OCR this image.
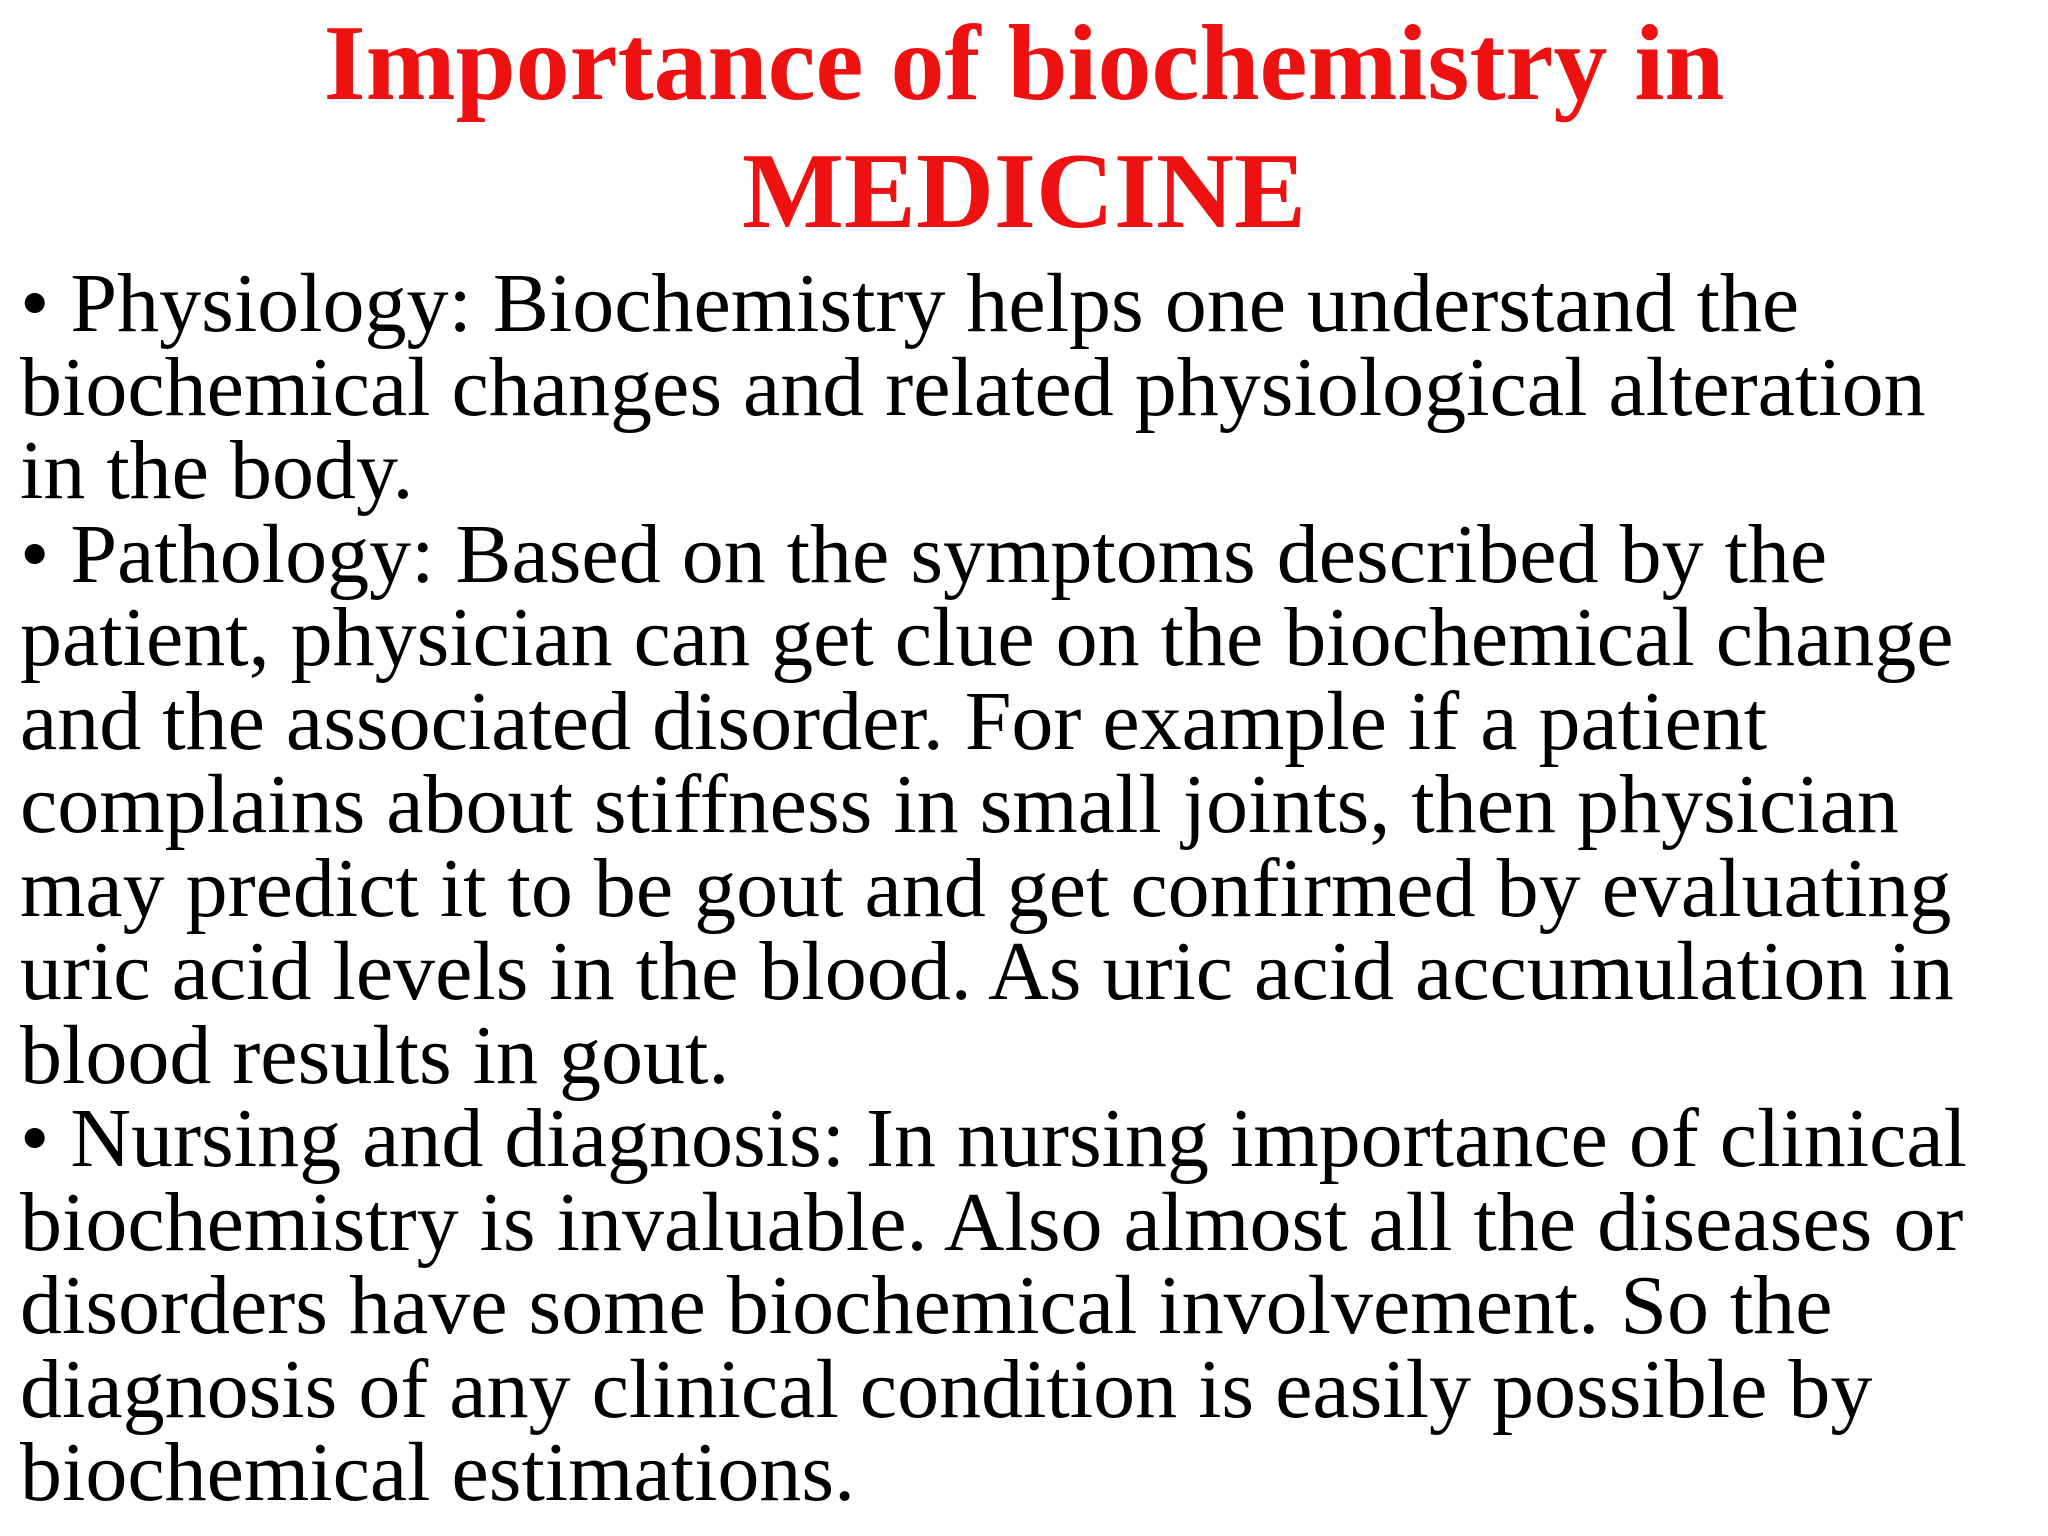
Importance of biochemistry in
MEDICINE
• Physiology: Biochemistry helps one understand the
biochemical changes and related physiological alteration
in the body.
• Pathology: Based on the symptoms described by the
patient, physician can get clue on the biochemical change
and the associated disorder. For example if a patient
complains about stiffness in small joints, then physician
may predict it to be gout and get confirmed by evaluating
uric acid levels in the blood. As uric acid accumulation in
blood results in gout.
• Nursing and diagnosis: In nursing importance of clinical
biochemistry is invaluable. Also almost all the diseases or
disorders have some biochemical involvement. So the
diagnosis of any clinical condition is easily possible by
biochemical estimations.
